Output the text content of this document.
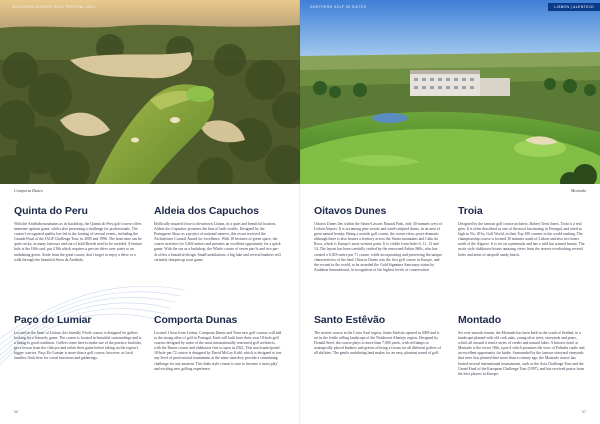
SOUTHERN EUROPE GOLF FESTIVAL 2024
Comporta Dunes
Quinta do Peru

With the Arrábida mountains as its backdrop, the Quinta do Peru golf course offers immense upfront game, whilst also presenting a challenge for professionals. The course's recognised quality has led to the hosting of several events, including the Grande Final of the IAGP Challenge Tour, in 2005 and 1996. The front nine can be quite tricky, as many fairways and out of bold Breeds need to be avoided. A feature hole is the 18th card, par 4 8th which requires a precise drive over water to an undulating green. Aside from the great course, don't forget to enjoy a drive or a walk through the beautiful Serra da Arrábida.

Aldeia dos Capuchos

Idyllically situated close to downtown Lisbon, in a quiet and beautiful location, Aldeia dos Capuchos promises the best of both worlds. Designed by the Portuguese Shaw as a project of national interest, this resort received the Architecture Council Award for excellence. With 18 hectares of green space, the course stretches for 5,602 metres and presents an excellent opportunity for a quick game. With the sea as a backdrop, the Whole course of seven par-3s and two par-4s offers a beautiful design. Small undulations, a big lake and several bunkers will certainly sharpen up your game.

Paço do Lumiar

Located in the heart of Lisbon, this friendly 9-hole course is designed for golfers looking for a leisurely game. The course is located in beautiful surroundings and is a fitting to good condition. Golfers come here to make use of the practice facilities, get a lesson from the club pro and refine their game before taking on the region's bigger courses. Paço Do Lumiar is more than a golf course, however, as local families flock here for social functions and gatherings.

Comporta Dunas

Located 1 hour from Lisbon, Comporta Dunas and Terra new golf courses will add to the strong offer of golf in Portugal. Each will both have their own 18-hole golf courses designed by some of the most internationally renowned golf architects, with the Dunas course and clubhouse first to open in 2022. This much anticipated 18-hole par-72 course is designed by David McLay Kidd, which is designed to test any level of professional tournament at the same time they provide a stimulating challenge for any amateur. This links style course is sure to become a 'must play' and exciting new golfing experience.

66
NORTHERN GOLF 50 SUITES	LISBON | ALENTEJO
Montado
Oitavos Dunes

Oitavos Dunes lies within the Sintra-Cascais Natural Park, only 30 minutes west of Lisbon Airport. It is set among pine woods and wind-sculpted dunes, in an area of great natural beauty. Being a seaside golf course, the ocean views prove dramatic although there is also houses a territory across the Sintra mountains and Cabo da Roca, which is Europe's most western point. It is visible from holes 6, 11, 13 and 14. The layout has been carefully crafted by the renowned Arthur Hills, who has created a 6,303-metre par 71 course, while incorporating and preserving the unique characteristics of the land. Oitavos Dunes was the first golf course in Europe, and the second in the world, to be awarded the Gold Signature Sanctuary status by Audubon International, in recognition of the highest levels of conservation.

Troia

Designed by the famous golf course architect, Robert Trent Jones, Troia is a real gem. It is often described as one of the most fascinating in Portugal, and rated as high as No. 29 by Golf World, in their Top 100 courses in the world ranking. The championship course is located 30 minutes south of Lisbon and also two hours north of the Algarve. It is set on a peninsula and has a wild but natural beauty. The rustic style clubhouse boasts amazing views from the terrace overlooking several holes and areas of unspoilt sandy beach.

Santo Estêvão

The newest course in the Costa Azul region, Santo Estêvão opened in 2009 and is set in the fertile rolling landscape of the Northwest Alentejo region. Designed by Donald Steel, the course plays to more than 7,000 yards, with red lamps to strategically placed bunkers and greens offering a forum for all different golfers of all abilities. The gentle undulating land makes for an easy, pleasant round of golf.

Montado

Set over smooth terrain, the Montado has been built in the south of Setúbal, in a landscape planted with old cork oaks, young olive trees, vineyards and pines, which all around it tend a series of creeks and natural lakes. A historic hotel at Montado is the secret 18th, a par-4 which promises the view of Palmela castle and an excellent opportunity for birdie. Surrounded by the famous vineyard vineyards that were first planted here more than a century ago, the Montado course has hosted several international tournaments, such as the Asia Challenge Tour and the Grand Final of the European Challenge Tour (1997), and has received praise from the best players in Europe.

67
